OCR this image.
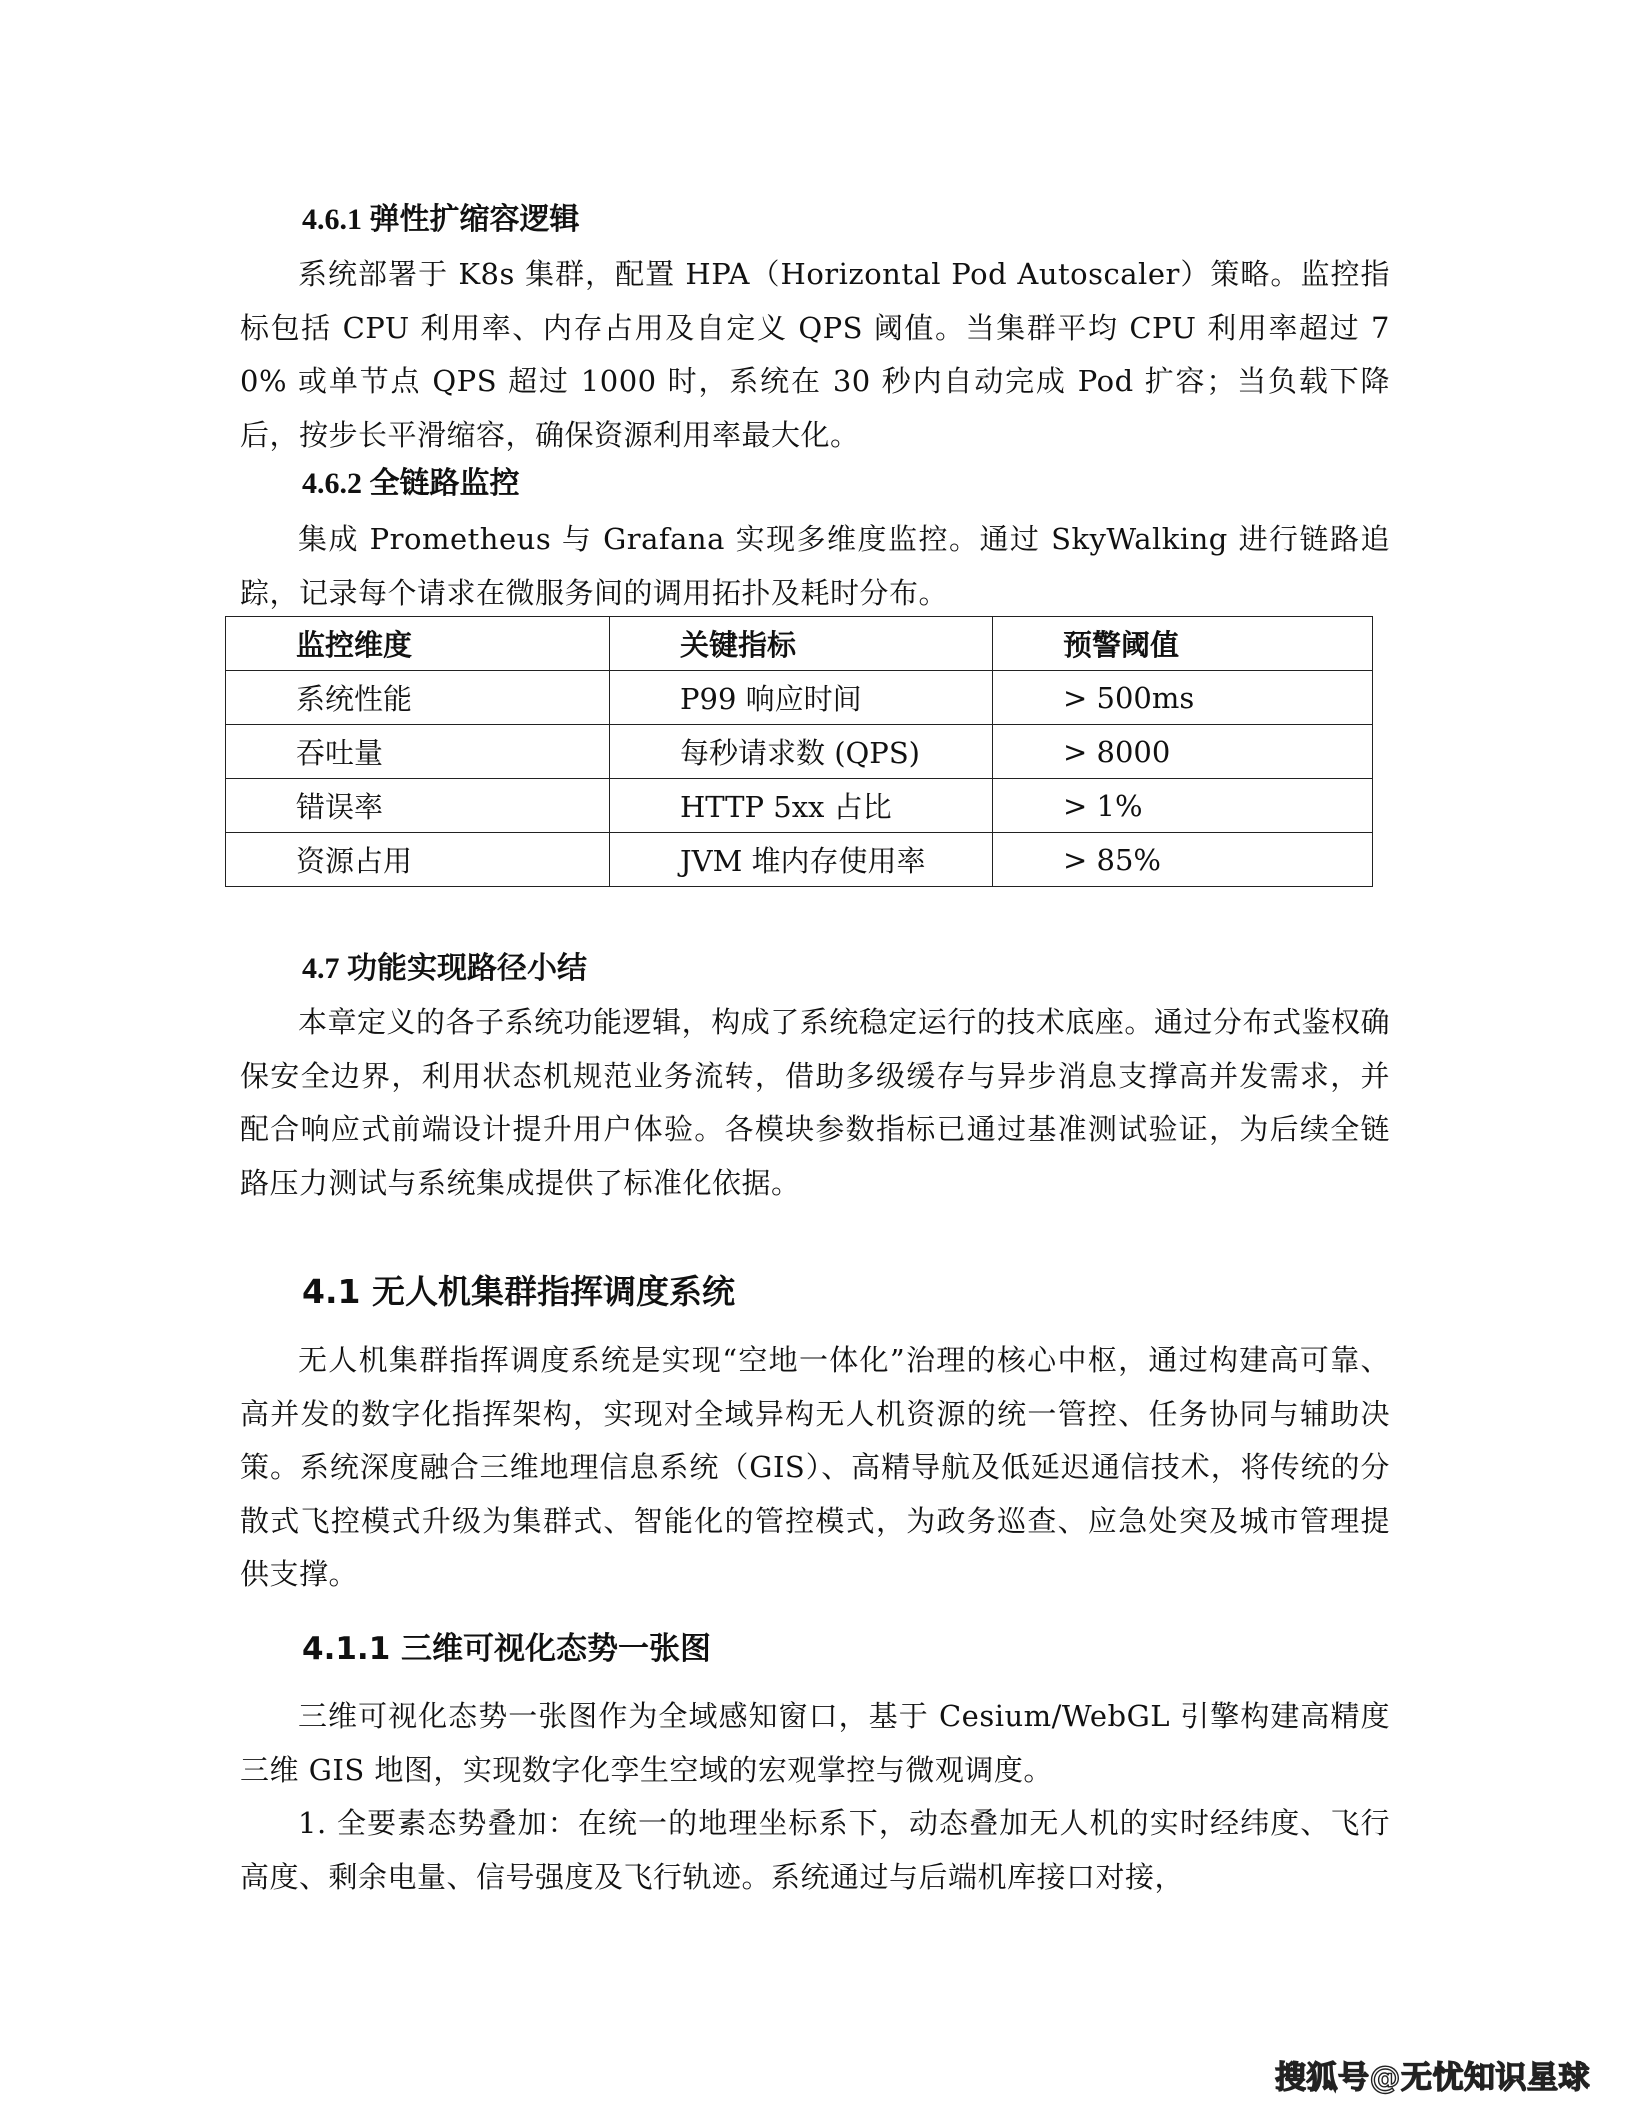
4.6.1 弹性扩缩容逻辑

系统部署于 K8s 集群，配置 HPA（Horizontal Pod Autoscaler）策略。监控指标包括 CPU 利用率、内存占用及自定义 QPS 阈值。当集群平均 CPU 利用率超过 70% 或单节点 QPS 超过 1000 时，系统在 30 秒内自动完成 Pod 扩容；当负载下降后，按步长平滑缩容，确保资源利用率最大化。

4.6.2 全链路监控

集成 Prometheus 与 Grafana 实现多维度监控。通过 SkyWalking 进行链路追踪，记录每个请求在微服务间的调用拓扑及耗时分布。

监控维度	关键指标	预警阈值
系统性能	P99 响应时间	> 500ms
吞吐量	每秒请求数 (QPS)	> 8000
错误率	HTTP 5xx 占比	> 1%
资源占用	JVM 堆内存使用率	> 85%
4.7 功能实现路径小结

本章定义的各子系统功能逻辑，构成了系统稳定运行的技术底座。通过分布式鉴权确保安全边界，利用状态机规范业务流转，借助多级缓存与异步消息支撑高并发需求，并配合响应式前端设计提升用户体验。各模块参数指标已通过基准测试验证，为后续全链路压力测试与系统集成提供了标准化依据。

4.1 无人机集群指挥调度系统

无人机集群指挥调度系统是实现“空地一体化”治理的核心中枢，通过构建高可靠、高并发的数字化指挥架构，实现对全域异构无人机资源的统一管控、任务协同与辅助决策。系统深度融合三维地理信息系统（GIS）、高精导航及低延迟通信技术，将传统的分散式飞控模式升级为集群式、智能化的管控模式，为政务巡查、应急处突及城市管理提供支撑。

4.1.1 三维可视化态势一张图

三维可视化态势一张图作为全域感知窗口，基于 Cesium/WebGL 引擎构建高精度三维 GIS 地图，实现数字化孪生空域的宏观掌控与微观调度。

1. 全要素态势叠加：在统一的地理坐标系下，动态叠加无人机的实时经纬度、飞行高度、剩余电量、信号强度及飞行轨迹。系统通过与后端机库接口对接，

搜狐号@无忧知识星球
